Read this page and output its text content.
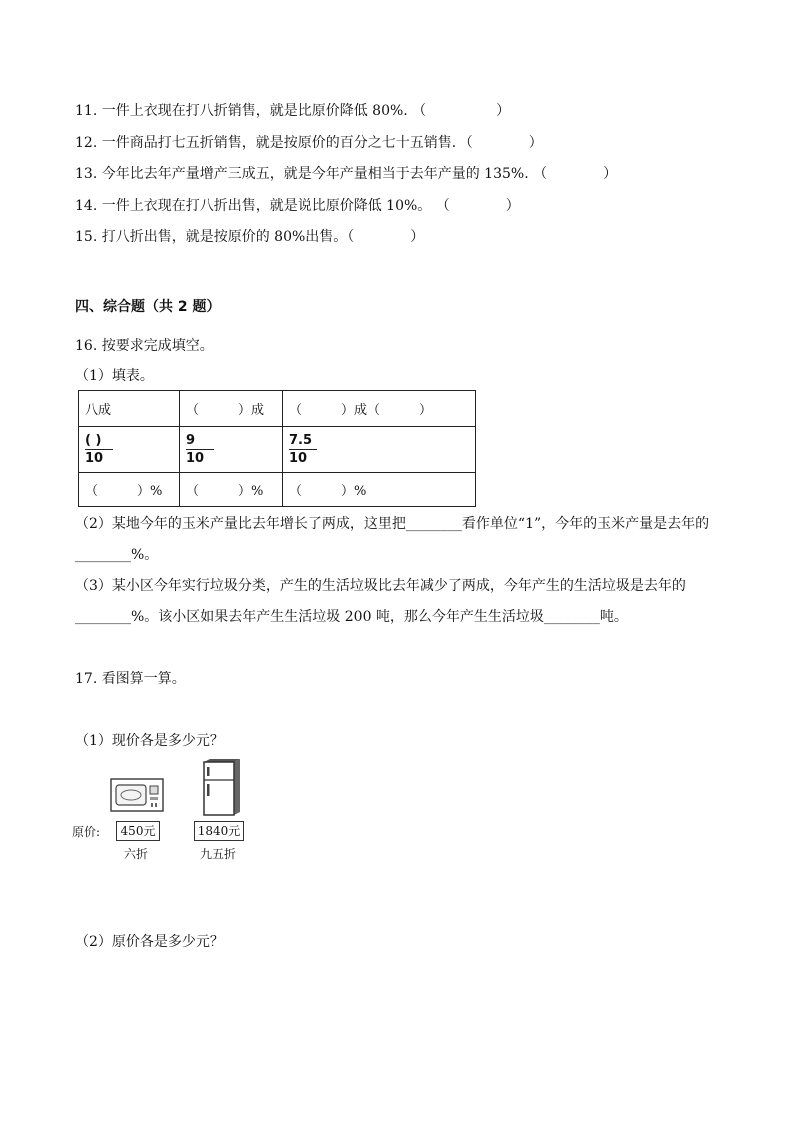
11. 一件上衣现在打八折销售，就是比原价降低 80%. （　　　　　）
12. 一件商品打七五折销售，就是按原价的百分之七十五销售．（　　　　）
13. 今年比去年产量增产三成五，就是今年产量相当于去年产量的 135%. （　　　　）
14. 一件上衣现在打八折出售，就是说比原价降低 10%。 （　　　　）
15. 打八折出售，就是按原价的 80%出售。（　　　　）
四、综合题（共 2 题）
16. 按要求完成填空。
（1）填表。
八成	（　　　）成	（　　　）成（　　　）

$\frac{( )}{10}$	$\frac{9}{10}$	$\frac{7.5}{10}$

（　　　）%	（　　　）%	（　　　）%
（2）某地今年的玉米产量比去年增长了两成，这里把________看作单位“1”，今年的玉米产量是去年的________%。
（3）某小区今年实行垃圾分类，产生的生活垃圾比去年减少了两成，今年产生的生活垃圾是去年的________%。该小区如果去年产生生活垃圾 200 吨，那么今年产生生活垃圾________吨。
17. 看图算一算。
（1）现价各是多少元？
原价:	450元	1840元
六折	九五折
（2）原价各是多少元？
